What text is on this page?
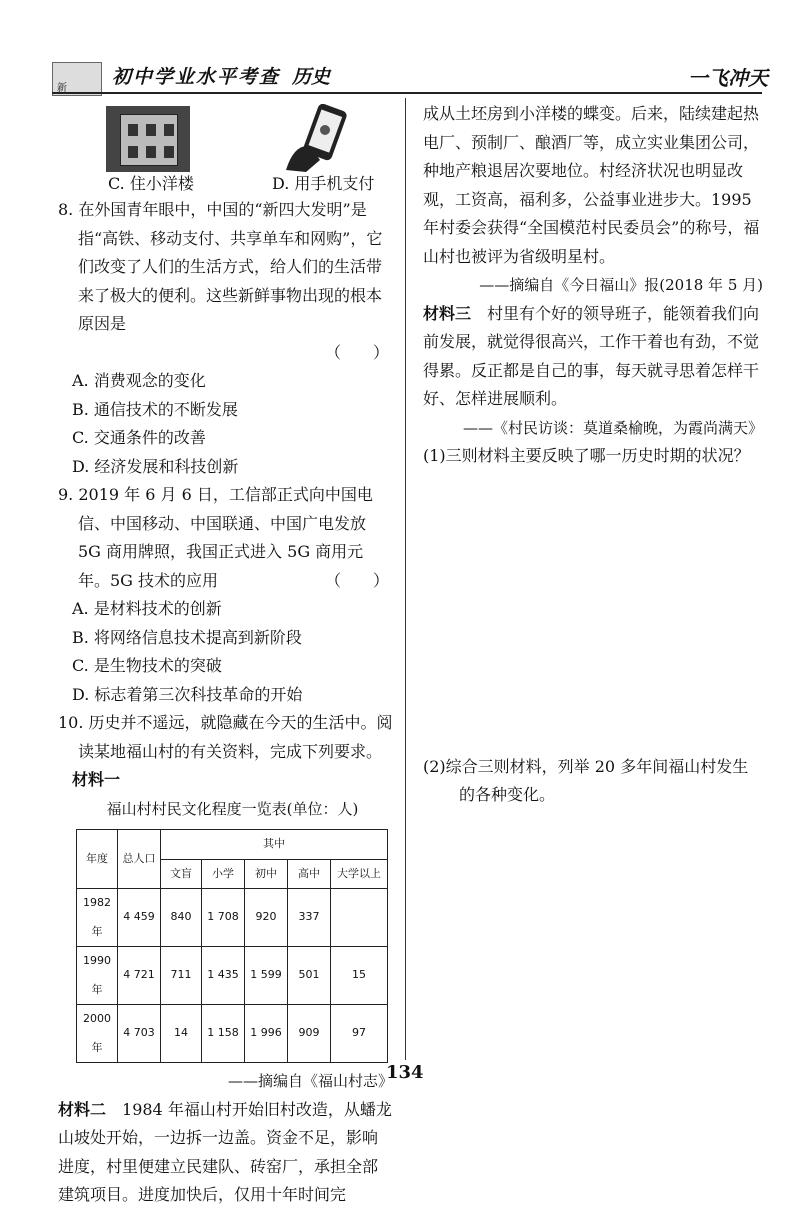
新
初中学业水平考查 历史	一飞冲天
C. 住小洋楼	D. 用手机支付

8. 在外国青年眼中，中国的“新四大发明”是指“高铁、移动支付、共享单车和网购”，它们改变了人们的生活方式，给人们的生活带来了极大的便利。这些新鲜事物出现的根本原因是

（　　）

A. 消费观念的变化

B. 通信技术的不断发展

C. 交通条件的改善

D. 经济发展和科技创新

9. 2019 年 6 月 6 日，工信部正式向中国电信、中国移动、中国联通、中国广电发放 5G 商用牌照，我国正式进入 5G 商用元年。5G 技术的应用	（　　）

A. 是材料技术的创新

B. 将网络信息技术提高到新阶段

C. 是生物技术的突破

D. 标志着第三次科技革命的开始

10. 历史并不遥远，就隐藏在今天的生活中。阅读某地福山村的有关资料，完成下列要求。

材料一

福山村村民文化程度一览表(单位：人)

年度	总人口	其中				
		文盲	小学	初中	高中	大学以上
1982 年	4 459	840	1 708	920	337	
1990 年	4 721	711	1 435	1 599	501	15
2000 年	4 703	14	1 158	1 996	909	97

——摘编自《福山村志》

材料二　1984 年福山村开始旧村改造，从蟠龙山坡处开始，一边拆一边盖。资金不足，影响进度，村里便建立民建队、砖窑厂，承担全部建筑项目。进度加快后，仅用十年时间完

成从土坯房到小洋楼的蝶变。后来，陆续建起热电厂、预制厂、酿酒厂等，成立实业集团公司，种地产粮退居次要地位。村经济状况也明显改观，工资高，福利多，公益事业进步大。1995 年村委会获得“全国模范村民委员会”的称号，福山村也被评为省级明星村。

——摘编自《今日福山》报(2018 年 5 月)

材料三　村里有个好的领导班子，能领着我们向前发展，就觉得很高兴，工作干着也有劲，不觉得累。反正都是自己的事，每天就寻思着怎样干好、怎样进展顺利。

——《村民访谈：莫道桑榆晚，为霞尚满天》

(1)三则材料主要反映了哪一历史时期的状况？

(2)综合三则材料，列举 20 多年间福山村发生的各种变化。

134
